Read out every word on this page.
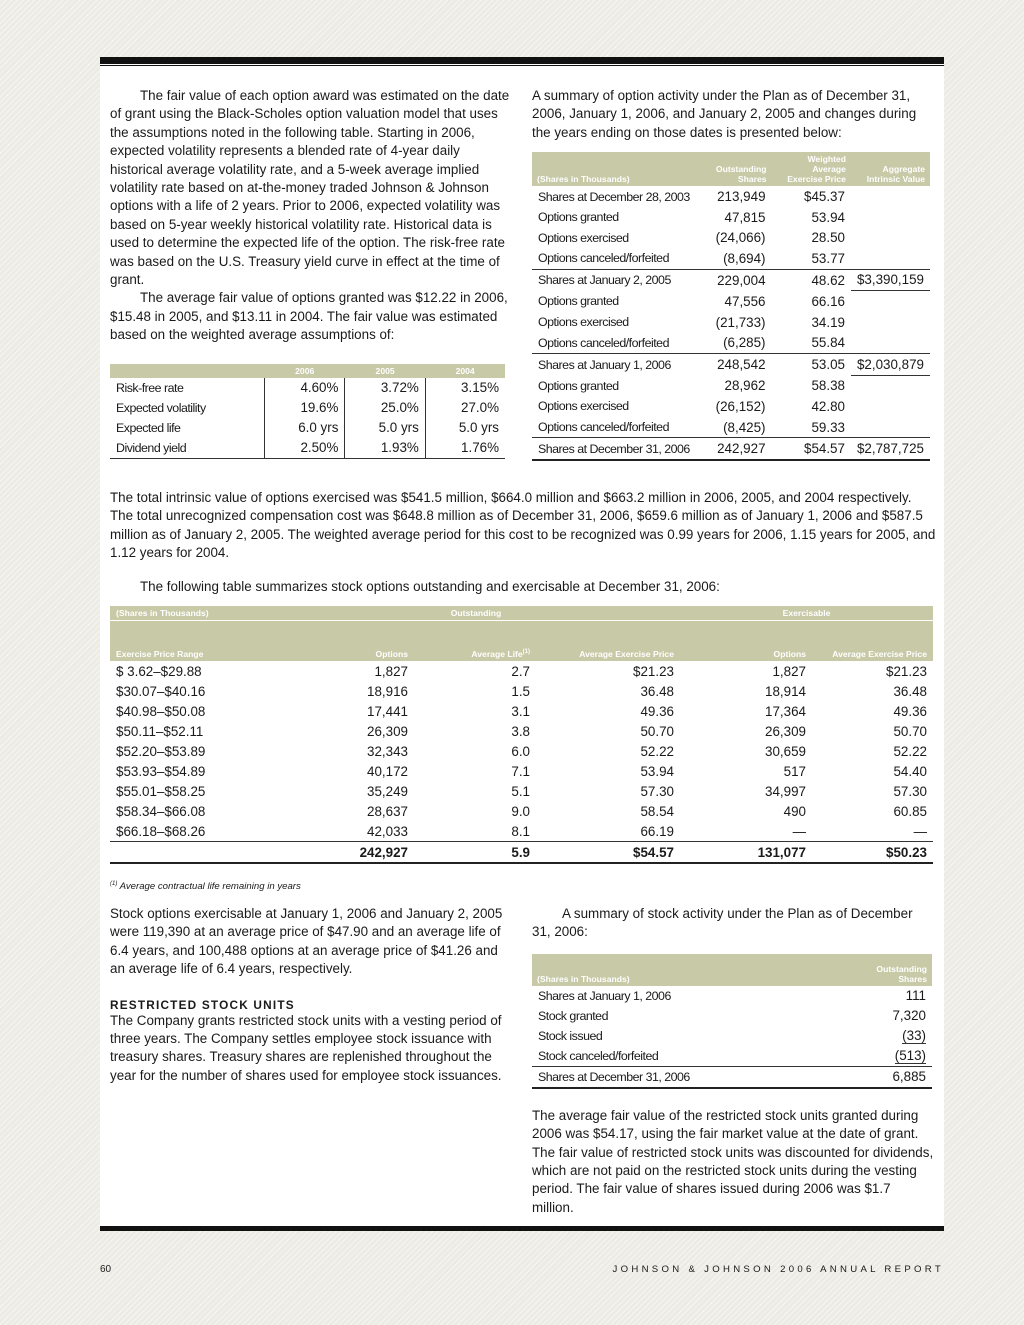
The fair value of each option award was estimated on the date of grant using the Black-Scholes option valuation model that uses the assumptions noted in the following table. Starting in 2006, expected volatility represents a blended rate of 4-year daily historical average volatility rate, and a 5-week average implied volatility rate based on at-the-money traded Johnson & Johnson options with a life of 2 years. Prior to 2006, expected volatility was based on 5-year weekly historical volatility rate. Historical data is used to determine the expected life of the option. The risk-free rate was based on the U.S. Treasury yield curve in effect at the time of grant.

The average fair value of options granted was $12.22 in 2006, $15.48 in 2005, and $13.11 in 2004. The fair value was estimated based on the weighted average assumptions of:

	2006	2005	2004
Risk-free rate	4.60%	3.72%	3.15%
Expected volatility	19.6%	25.0%	27.0%
Expected life	6.0 yrs	5.0 yrs	5.0 yrs
Dividend yield	2.50%	1.93%	1.76%

A summary of option activity under the Plan as of December 31, 2006, January 1, 2006, and January 2, 2005 and changes during the years ending on those dates is presented below:

(Shares in Thousands)	Outstanding Shares	Weighted Average Exercise Price	Aggregate Intrinsic Value
Shares at December 28, 2003	213,949	$45.37	
Options granted	47,815	53.94	
Options exercised	(24,066)	28.50	
Options canceled/forfeited	(8,694)	53.77	
Shares at January 2, 2005	229,004	48.62	$3,390,159
Options granted	47,556	66.16	
Options exercised	(21,733)	34.19	
Options canceled/forfeited	(6,285)	55.84	
Shares at January 1, 2006	248,542	53.05	$2,030,879
Options granted	28,962	58.38	
Options exercised	(26,152)	42.80	
Options canceled/forfeited	(8,425)	59.33	
Shares at December 31, 2006	242,927	$54.57	$2,787,725

The total intrinsic value of options exercised was $541.5 million, $664.0 million and $663.2 million in 2006, 2005, and 2004 respectively. The total unrecognized compensation cost was $648.8 million as of December 31, 2006, $659.6 million as of January 1, 2006 and $587.5 million as of January 2, 2005. The weighted average period for this cost to be recognized was 0.99 years for 2006, 1.15 years for 2005, and 1.12 years for 2004.

The following table summarizes stock options outstanding and exercisable at December 31, 2006:

(Shares in Thousands)	Outstanding			Exercisable	
Exercise Price Range	Options	Average Life$^{(1)}$	Average Exercise Price	Options	Average Exercise Price
$ 3.62–$29.88	1,827	2.7	$21.23	1,827	$21.23
$30.07–$40.16	18,916	1.5	36.48	18,914	36.48
$40.98–$50.08	17,441	3.1	49.36	17,364	49.36
$50.11–$52.11	26,309	3.8	50.70	26,309	50.70
$52.20–$53.89	32,343	6.0	52.22	30,659	52.22
$53.93–$54.89	40,172	7.1	53.94	517	54.40
$55.01–$58.25	35,249	5.1	57.30	34,997	57.30
$58.34–$66.08	28,637	9.0	58.54	490	60.85
$66.18–$68.26	42,033	8.1	66.19	—	—
	242,927	5.9	$54.57	131,077	$50.23
$^{(1)}$ Average contractual life remaining in years

Stock options exercisable at January 1, 2006 and January 2, 2005 were 119,390 at an average price of $47.90 and an average life of 6.4 years, and 100,488 options at an average price of $41.26 and an average life of 6.4 years, respectively.

RESTRICTED STOCK UNITS

The Company grants restricted stock units with a vesting period of three years. The Company settles employee stock issuance with treasury shares. Treasury shares are replenished throughout the year for the number of shares used for employee stock issuances.

A summary of stock activity under the Plan as of December 31, 2006:

(Shares in Thousands)	Outstanding Shares
Shares at January 1, 2006	111
Stock granted	7,320
Stock issued	(33)
Stock canceled/forfeited	(513)
Shares at December 31, 2006	6,885

The average fair value of the restricted stock units granted during 2006 was $54.17, using the fair market value at the date of grant. The fair value of restricted stock units was discounted for dividends, which are not paid on the restricted stock units during the vesting period. The fair value of shares issued during 2006 was $1.7 million.

60	JOHNSON & JOHNSON 2006 ANNUAL REPORT
